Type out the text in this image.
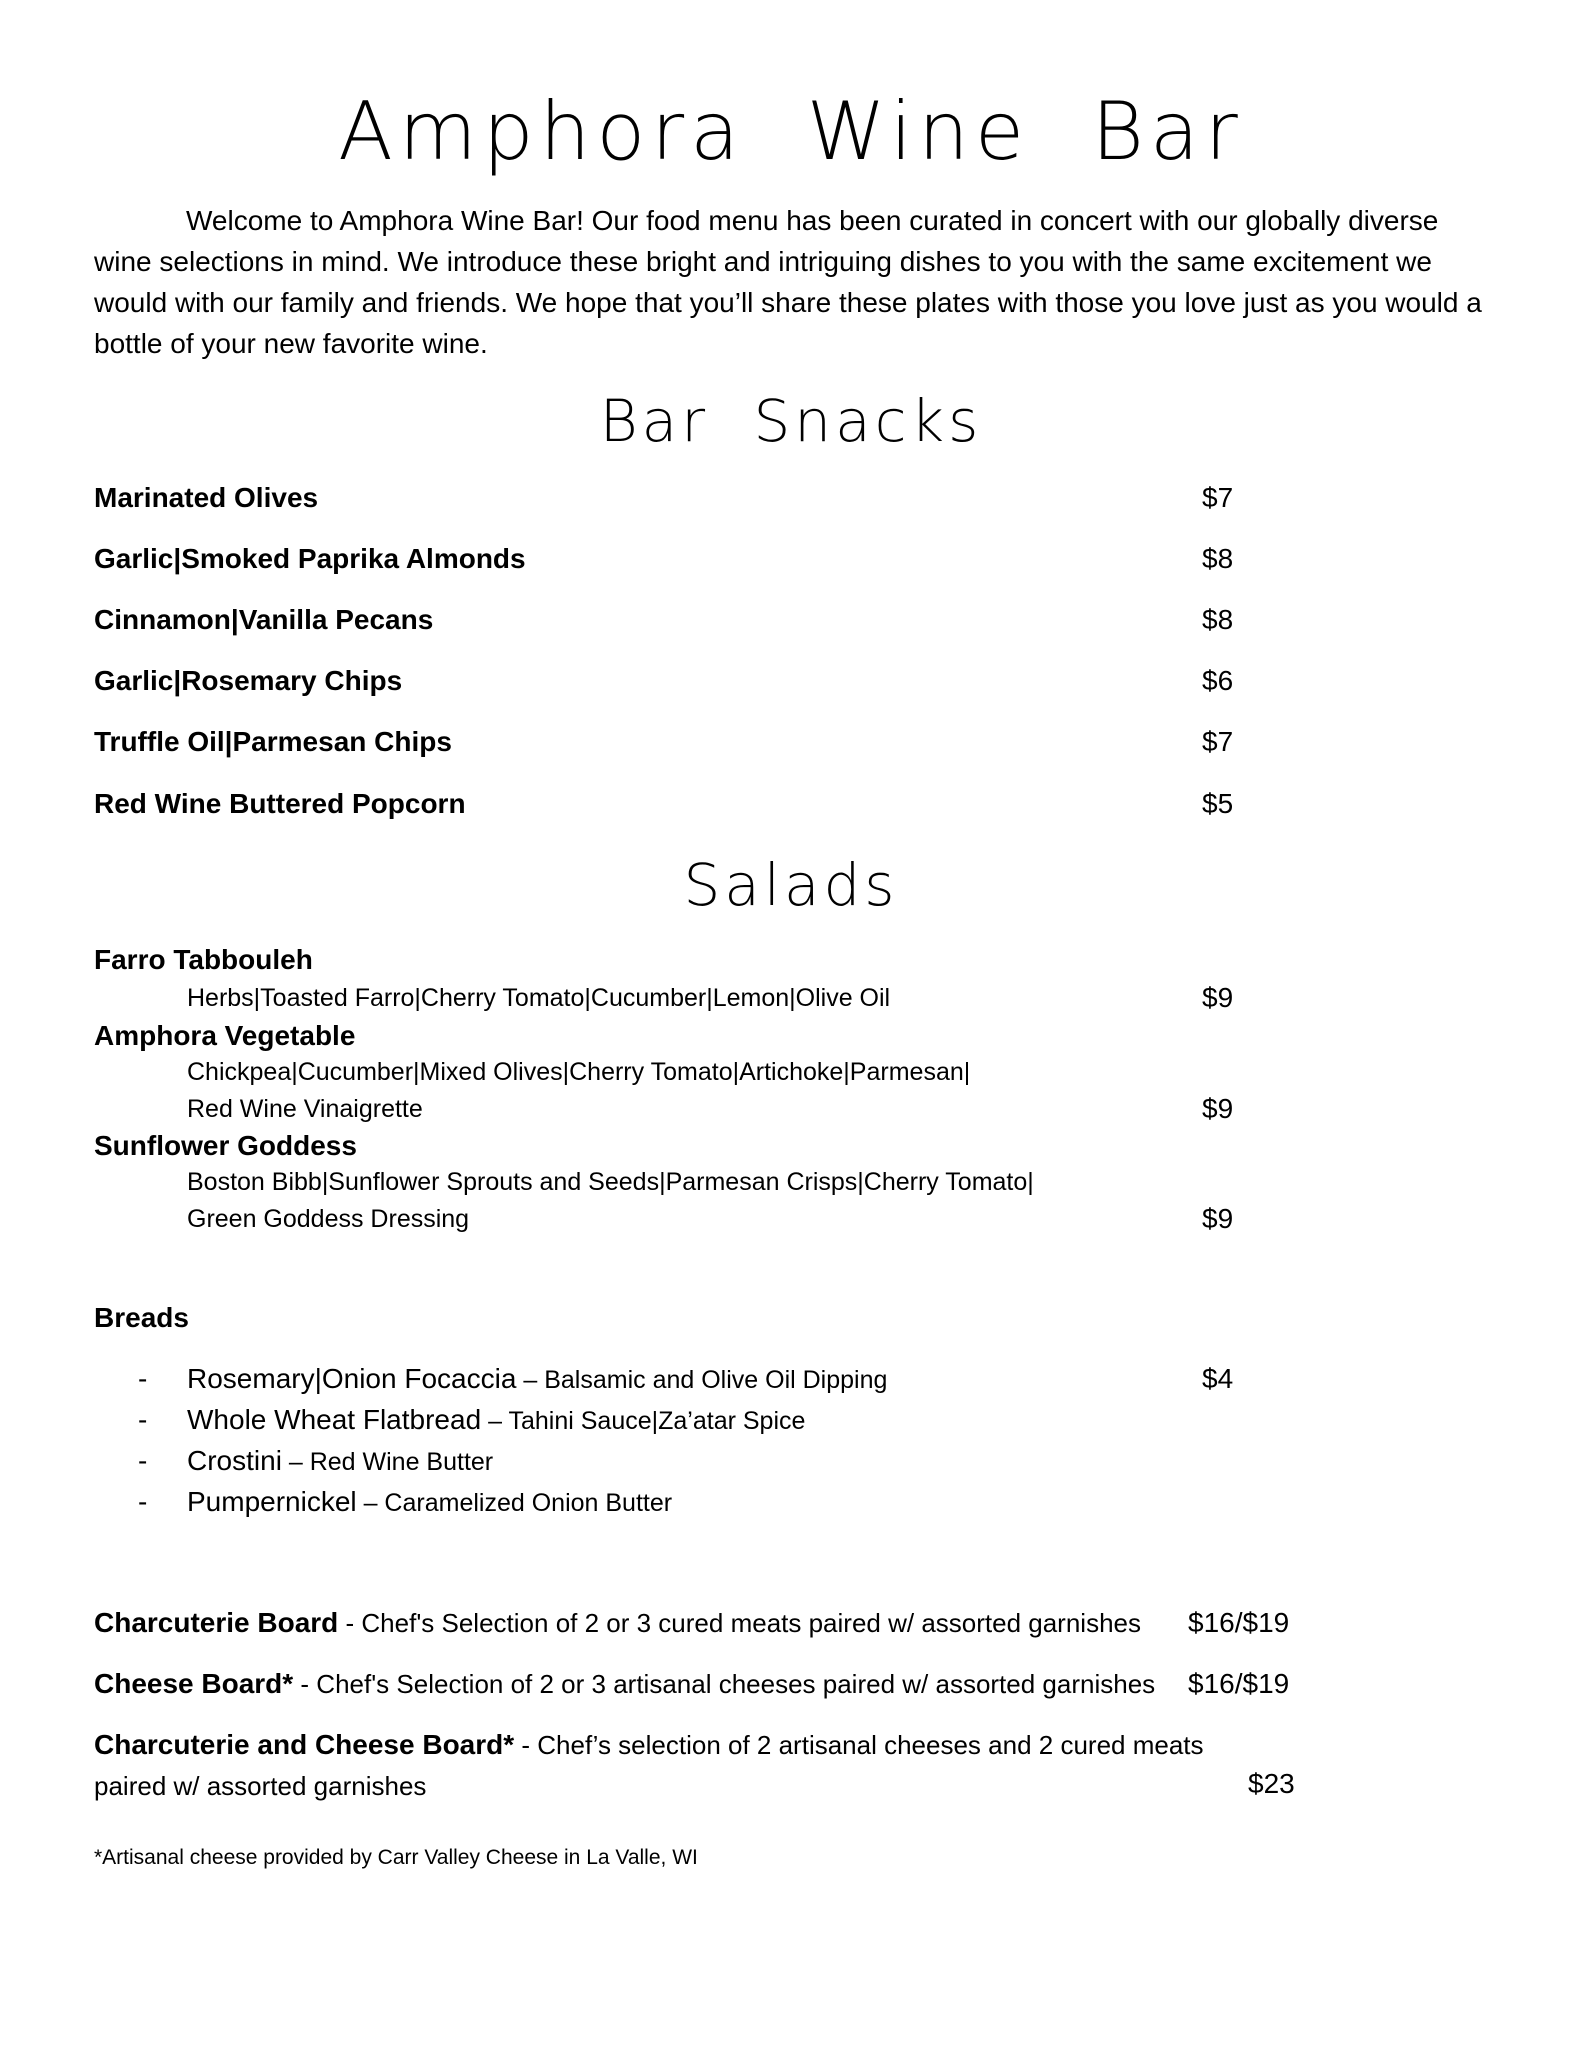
Amphora Wine Bar
Welcome to Amphora Wine Bar! Our food menu has been curated in concert with our globally diverse wine selections in mind. We introduce these bright and intriguing dishes to you with the same excitement we would with our family and friends. We hope that you’ll share these plates with those you love just as you would a bottle of your new favorite wine.
Bar Snacks
Marinated Olives	$7
Garlic|Smoked Paprika Almonds	$8
Cinnamon|Vanilla Pecans	$8
Garlic|Rosemary Chips	$6
Truffle Oil|Parmesan Chips	$7
Red Wine Buttered Popcorn	$5
Salads
Farro Tabbouleh
Herbs|Toasted Farro|Cherry Tomato|Cucumber|Lemon|Olive Oil	$9
Amphora Vegetable
Chickpea|Cucumber|Mixed Olives|Cherry Tomato|Artichoke|Parmesan|
Red Wine Vinaigrette	$9
Sunflower Goddess
Boston Bibb|Sunflower Sprouts and Seeds|Parmesan Crisps|Cherry Tomato|
Green Goddess Dressing	$9
Breads
- Rosemary|Onion Focaccia – Balsamic and Olive Oil Dipping	$4
- Whole Wheat Flatbread – Tahini Sauce|Za’atar Spice
- Crostini – Red Wine Butter
- Pumpernickel – Caramelized Onion Butter
Charcuterie Board - Chef's Selection of 2 or 3 cured meats paired w/ assorted garnishes $16/$19
Cheese Board* - Chef's Selection of 2 or 3 artisanal cheeses paired w/ assorted garnishes $16/$19
Charcuterie and Cheese Board* - Chef’s selection of 2 artisanal cheeses and 2 cured meats
paired w/ assorted garnishes	$23
*Artisanal cheese provided by Carr Valley Cheese in La Valle, WI
